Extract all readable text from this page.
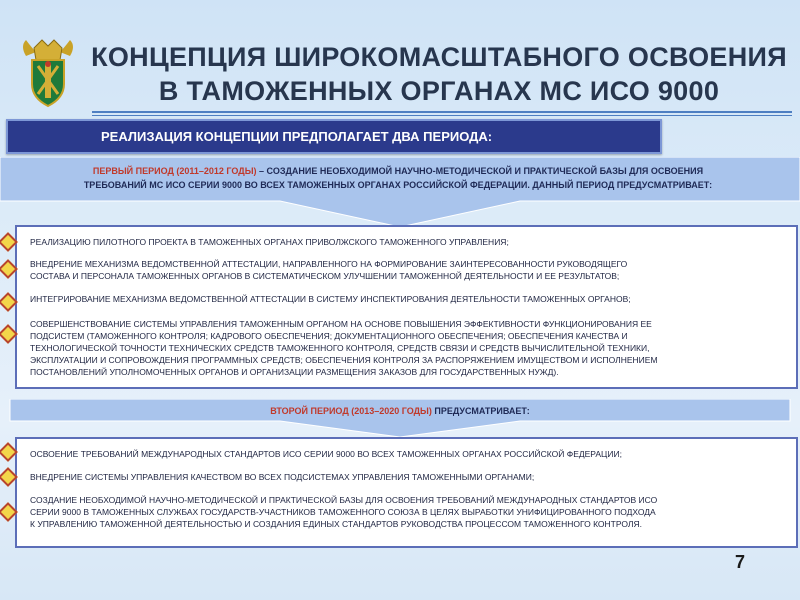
КОНЦЕПЦИЯ ШИРОКОМАСШТАБНОГО ОСВОЕНИЯ
В ТАМОЖЕННЫХ ОРГАНАХ МС ИСО 9000
РЕАЛИЗАЦИЯ КОНЦЕПЦИИ ПРЕДПОЛАГАЕТ ДВА ПЕРИОДА:
ПЕРВЫЙ ПЕРИОД (2011–2012 ГОДЫ) – СОЗДАНИЕ НЕОБХОДИМОЙ НАУЧНО-МЕТОДИЧЕСКОЙ И ПРАКТИЧЕСКОЙ БАЗЫ ДЛЯ ОСВОЕНИЯ
ТРЕБОВАНИЙ МС ИСО СЕРИИ 9000 ВО ВСЕХ ТАМОЖЕННЫХ ОРГАНАХ РОССИЙСКОЙ ФЕДЕРАЦИИ. ДАННЫЙ ПЕРИОД ПРЕДУСМАТРИВАЕТ:
РЕАЛИЗАЦИЮ ПИЛОТНОГО ПРОЕКТА В ТАМОЖЕННЫХ ОРГАНАХ ПРИВОЛЖСКОГО ТАМОЖЕННОГО УПРАВЛЕНИЯ;
ВНЕДРЕНИЕ МЕХАНИЗМА ВЕДОМСТВЕННОЙ АТТЕСТАЦИИ, НАПРАВЛЕННОГО НА ФОРМИРОВАНИЕ ЗАИНТЕРЕСОВАННОСТИ РУКОВОДЯЩЕГО
СОСТАВА И ПЕРСОНАЛА ТАМОЖЕННЫХ ОРГАНОВ В СИСТЕМАТИЧЕСКОМ УЛУЧШЕНИИ ТАМОЖЕННОЙ ДЕЯТЕЛЬНОСТИ И ЕЕ РЕЗУЛЬТАТОВ;
ИНТЕГРИРОВАНИЕ МЕХАНИЗМА ВЕДОМСТВЕННОЙ АТТЕСТАЦИИ В СИСТЕМУ ИНСПЕКТИРОВАНИЯ ДЕЯТЕЛЬНОСТИ ТАМОЖЕННЫХ ОРГАНОВ;
СОВЕРШЕНСТВОВАНИЕ СИСТЕМЫ УПРАВЛЕНИЯ ТАМОЖЕННЫМ ОРГАНОМ НА ОСНОВЕ ПОВЫШЕНИЯ ЭФФЕКТИВНОСТИ ФУНКЦИОНИРОВАНИЯ ЕЕ
ПОДСИСТЕМ (ТАМОЖЕННОГО КОНТРОЛЯ; КАДРОВОГО ОБЕСПЕЧЕНИЯ; ДОКУМЕНТАЦИОННОГО ОБЕСПЕЧЕНИЯ; ОБЕСПЕЧЕНИЯ КАЧЕСТВА И
ТЕХНОЛОГИЧЕСКОЙ ТОЧНОСТИ ТЕХНИЧЕСКИХ СРЕДСТВ ТАМОЖЕННОГО КОНТРОЛЯ, СРЕДСТВ СВЯЗИ И СРЕДСТВ ВЫЧИСЛИТЕЛЬНОЙ ТЕХНИКИ,
ЭКСПЛУАТАЦИИ И СОПРОВОЖДЕНИЯ ПРОГРАММНЫХ СРЕДСТВ; ОБЕСПЕЧЕНИЯ КОНТРОЛЯ ЗА РАСПОРЯЖЕНИЕМ ИМУЩЕСТВОМ И ИСПОЛНЕНИЕМ
ПОСТАНОВЛЕНИЙ УПОЛНОМОЧЕННЫХ ОРГАНОВ И ОРГАНИЗАЦИИ РАЗМЕЩЕНИЯ ЗАКАЗОВ ДЛЯ ГОСУДАРСТВЕННЫХ НУЖД).
ВТОРОЙ ПЕРИОД (2013–2020 ГОДЫ) ПРЕДУСМАТРИВАЕТ:
ОСВОЕНИЕ ТРЕБОВАНИЙ МЕЖДУНАРОДНЫХ СТАНДАРТОВ ИСО СЕРИИ 9000 ВО ВСЕХ ТАМОЖЕННЫХ ОРГАНАХ РОССИЙСКОЙ ФЕДЕРАЦИИ;
ВНЕДРЕНИЕ СИСТЕМЫ УПРАВЛЕНИЯ КАЧЕСТВОМ ВО ВСЕХ ПОДСИСТЕМАХ УПРАВЛЕНИЯ ТАМОЖЕННЫМИ ОРГАНАМИ;
СОЗДАНИЕ НЕОБХОДИМОЙ НАУЧНО-МЕТОДИЧЕСКОЙ И ПРАКТИЧЕСКОЙ БАЗЫ ДЛЯ ОСВОЕНИЯ ТРЕБОВАНИЙ МЕЖДУНАРОДНЫХ СТАНДАРТОВ ИСО
СЕРИИ 9000 В ТАМОЖЕННЫХ СЛУЖБАХ ГОСУДАРСТВ-УЧАСТНИКОВ ТАМОЖЕННОГО СОЮЗА В ЦЕЛЯХ ВЫРАБОТКИ УНИФИЦИРОВАННОГО ПОДХОДА
К УПРАВЛЕНИЮ ТАМОЖЕННОЙ ДЕЯТЕЛЬНОСТЬЮ И СОЗДАНИЯ ЕДИНЫХ СТАНДАРТОВ РУКОВОДСТВА ПРОЦЕССОМ ТАМОЖЕННОГО КОНТРОЛЯ.
7
